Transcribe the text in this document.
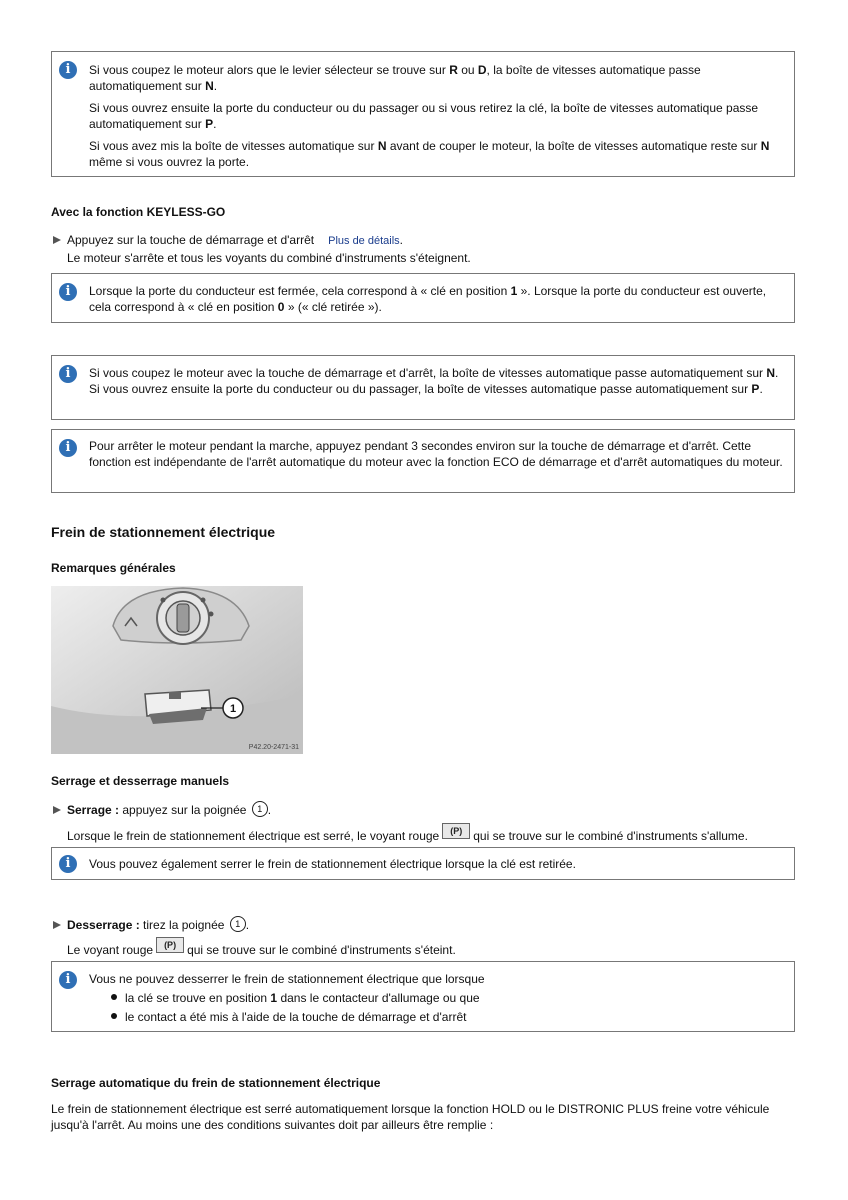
i	Si vous coupez le moteur alors que le levier sélecteur se trouve sur R ou D, la boîte de vitesses automatique passe automatiquement sur N.

Si vous ouvrez ensuite la porte du conducteur ou du passager ou si vous retirez la clé, la boîte de vitesses automatique passe automatiquement sur P.

Si vous avez mis la boîte de vitesses automatique sur N avant de couper le moteur, la boîte de vitesses automatique reste sur N même si vous ouvrez la porte.

Avec la fonction KEYLESS-GO
Appuyez sur la touche de démarrage et d'arrêt Plus de détails.
Le moteur s'arrête et tous les voyants du combiné d'instruments s'éteignent.
i	Lorsque la porte du conducteur est fermée, cela correspond à « clé en position 1 ». Lorsque la porte du conducteur est ouverte, cela correspond à « clé en position 0 » (« clé retirée »).

i	Si vous coupez le moteur avec la touche de démarrage et d'arrêt, la boîte de vitesses automatique passe automatiquement sur N. Si vous ouvrez ensuite la porte du conducteur ou du passager, la boîte de vitesses automatique passe automatiquement sur P.

i	Pour arrêter le moteur pendant la marche, appuyez pendant 3 secondes environ sur la touche de démarrage et d'arrêt. Cette fonction est indépendante de l'arrêt automatique du moteur avec la fonction ECO de démarrage et d'arrêt automatiques du moteur.

Frein de stationnement électrique
Remarques générales
1
P42.20-2471-31
Serrage et desserrage manuels
Serrage : appuyez sur la poignée 1 .
Lorsque le frein de stationnement électrique est serré, le voyant rouge (P)	qui se trouve sur le combiné d'instruments s'allume.
i	Vous pouvez également serrer le frein de stationnement électrique lorsque la clé est retirée.

Desserrage : tirez la poignée 1 .
Le voyant rouge (P)	qui se trouve sur le combiné d'instruments s'éteint.
i	Vous ne pouvez desserrer le frein de stationnement électrique que lorsque

la clé se trouve en position 1 dans le contacteur d'allumage ou que

le contact a été mis à l'aide de la touche de démarrage et d'arrêt

Serrage automatique du frein de stationnement électrique
Le frein de stationnement électrique est serré automatiquement lorsque la fonction HOLD ou le DISTRONIC PLUS freine votre véhicule jusqu'à l'arrêt. Au moins une des conditions suivantes doit par ailleurs être remplie :
